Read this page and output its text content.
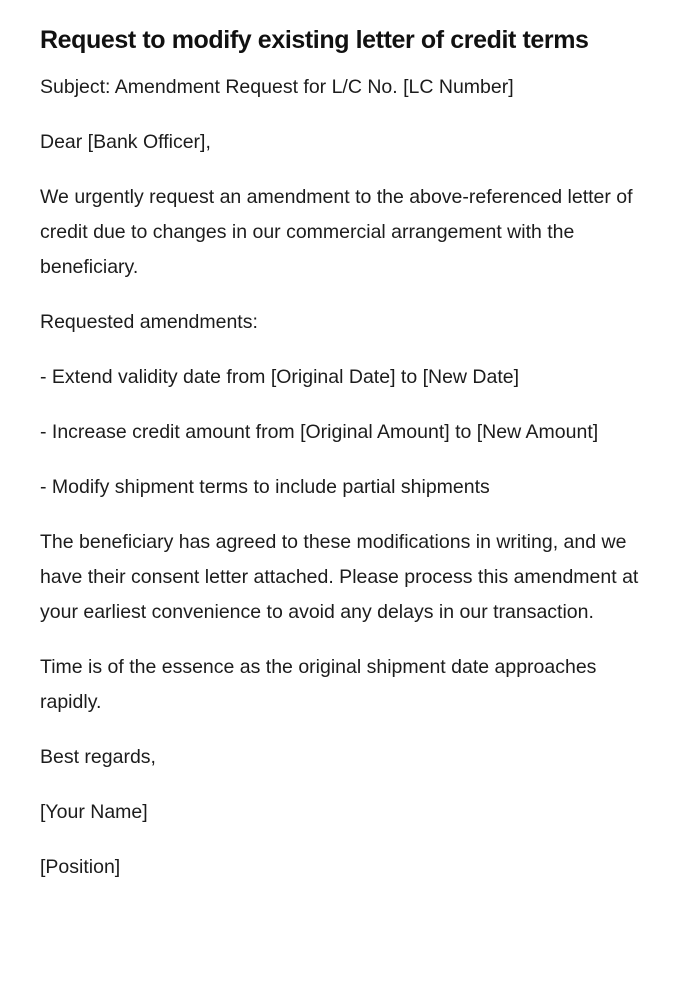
Request to modify existing letter of credit terms

Subject: Amendment Request for L/C No. [LC Number]

Dear [Bank Officer],

We urgently request an amendment to the above-referenced letter of credit due to changes in our commercial arrangement with the beneficiary.

Requested amendments:

- Extend validity date from [Original Date] to [New Date]

- Increase credit amount from [Original Amount] to [New Amount]

- Modify shipment terms to include partial shipments

The beneficiary has agreed to these modifications in writing, and we have their consent letter attached. Please process this amendment at your earliest convenience to avoid any delays in our transaction.

Time is of the essence as the original shipment date approaches rapidly.

Best regards,

[Your Name]

[Position]
